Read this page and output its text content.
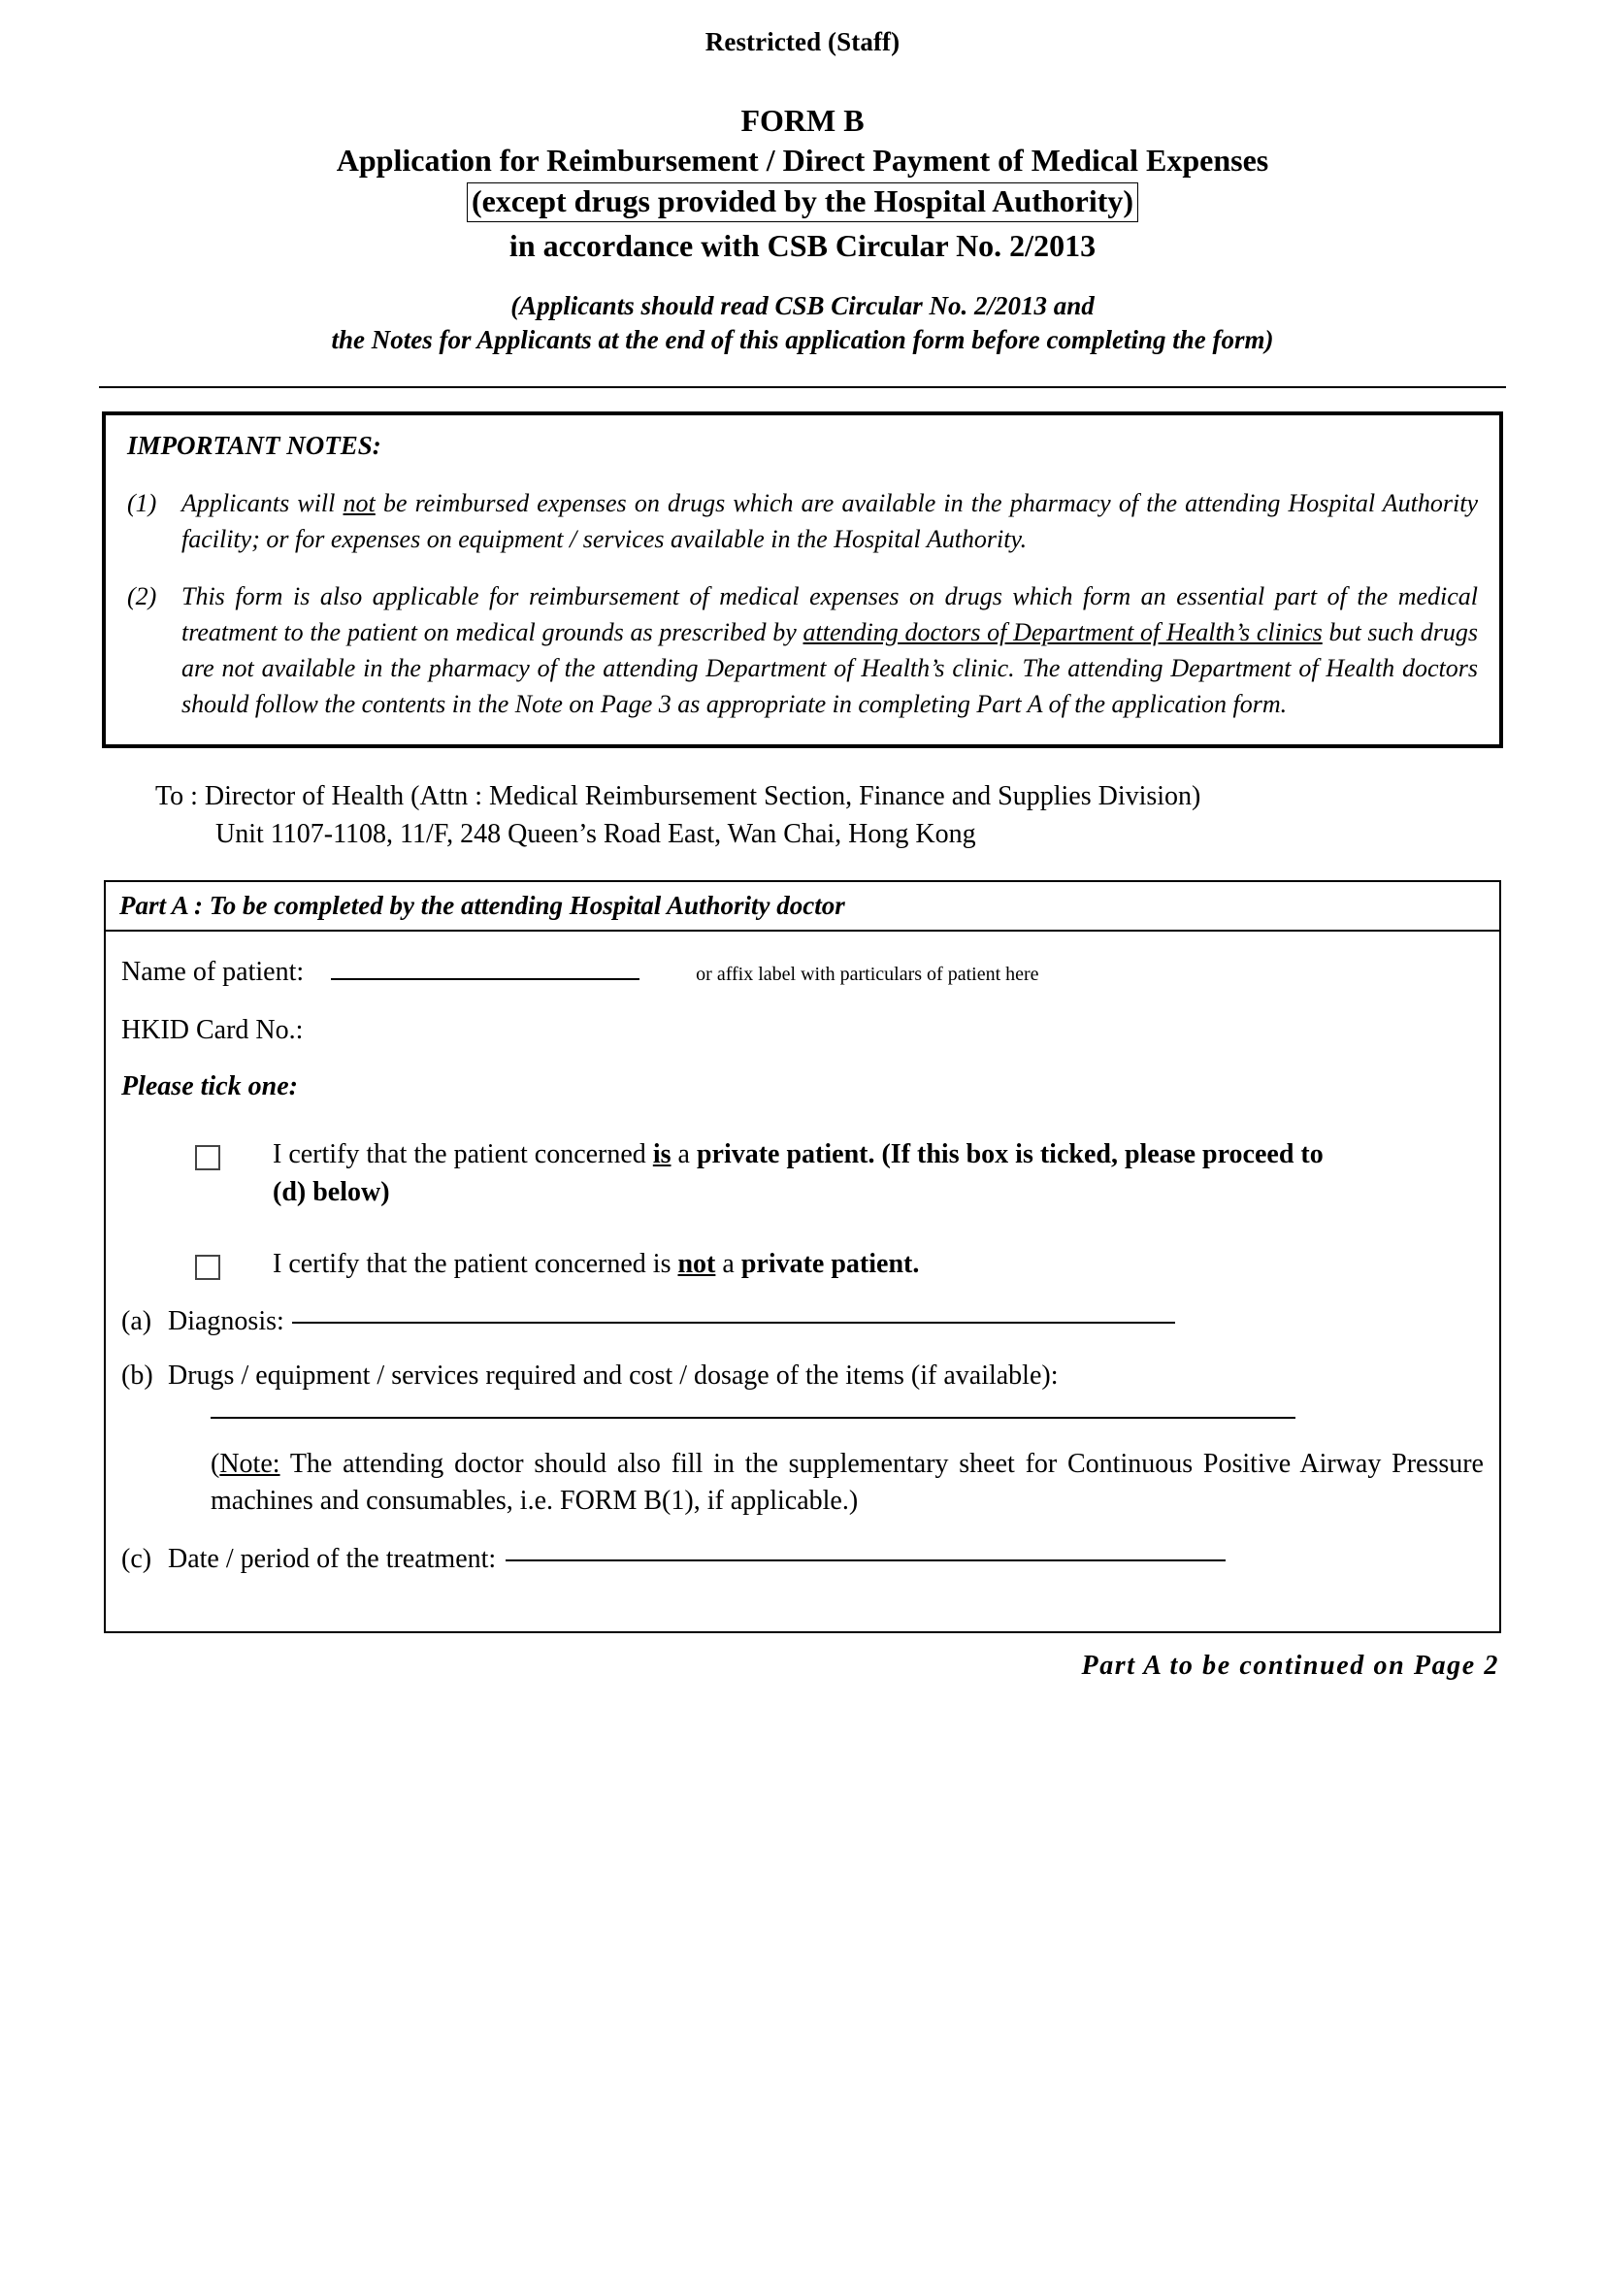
Restricted (Staff)
FORM B
Application for Reimbursement / Direct Payment of Medical Expenses
(except drugs provided by the Hospital Authority)
in accordance with CSB Circular No. 2/2013
(Applicants should read CSB Circular No. 2/2013 and
the Notes for Applicants at the end of this application form before completing the form)
IMPORTANT NOTES:
(1) Applicants will not be reimbursed expenses on drugs which are available in the pharmacy of the attending Hospital Authority facility; or for expenses on equipment / services available in the Hospital Authority.
(2) This form is also applicable for reimbursement of medical expenses on drugs which form an essential part of the medical treatment to the patient on medical grounds as prescribed by attending doctors of Department of Health’s clinics but such drugs are not available in the pharmacy of the attending Department of Health’s clinic. The attending Department of Health doctors should follow the contents in the Note on Page 3 as appropriate in completing Part A of the application form.
To : Director of Health (Attn : Medical Reimbursement Section, Finance and Supplies Division)
Unit 1107-1108, 11/F, 248 Queen’s Road East, Wan Chai, Hong Kong
Part A : To be completed by the attending Hospital Authority doctor
Name of patient:	or affix label with particulars of patient here
HKID Card No.:
Please tick one:
I certify that the patient concerned is a private patient. (If this box is ticked, please proceed to (d) below)
I certify that the patient concerned is not a private patient.
(a) Diagnosis:
(b) Drugs / equipment / services required and cost / dosage of the items (if available):
(Note: The attending doctor should also fill in the supplementary sheet for Continuous Positive Airway Pressure machines and consumables, i.e. FORM B(1), if applicable.)
(c) Date / period of the treatment:
Part A to be continued on Page 2
